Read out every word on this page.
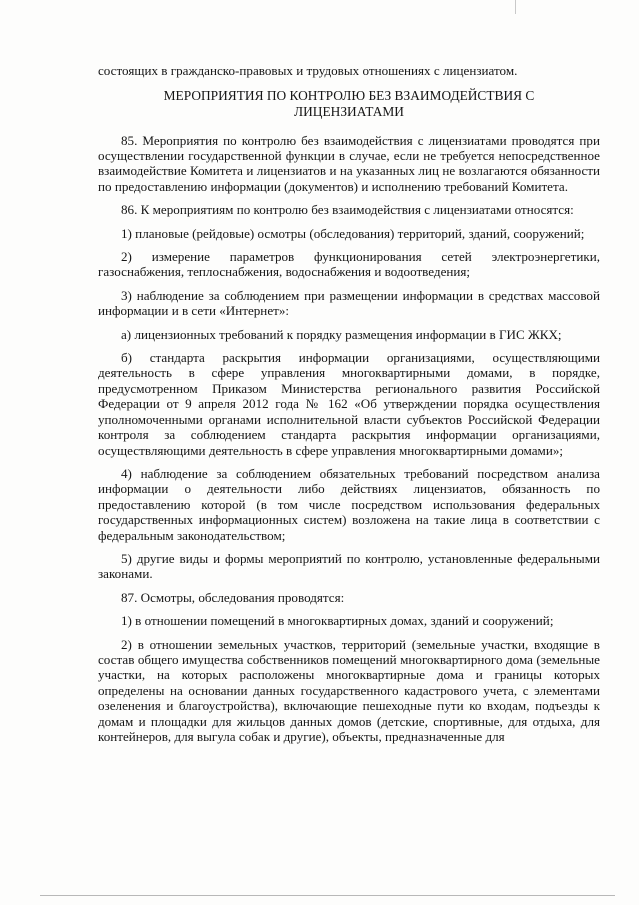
состоящих в гражданско-правовых и трудовых отношениях с лицензиатом.

МЕРОПРИЯТИЯ ПО КОНТРОЛЮ БЕЗ ВЗАИМОДЕЙСТВИЯ С ЛИЦЕНЗИАТАМИ

85. Мероприятия по контролю без взаимодействия с лицензиатами проводятся при осуществлении государственной функции в случае, если не требуется непосредственное взаимодействие Комитета и лицензиатов и на указанных лиц не возлагаются обязанности по предоставлению информации (документов) и исполнению требований Комитета.

86. К мероприятиям по контролю без взаимодействия с лицензиатами относятся:

1) плановые (рейдовые) осмотры (обследования) территорий, зданий, сооружений;

2) измерение параметров функционирования сетей электроэнергетики, газоснабжения, теплоснабжения, водоснабжения и водоотведения;

3) наблюдение за соблюдением при размещении информации в средствах массовой информации и в сети «Интернет»:

а) лицензионных требований к порядку размещения информации в ГИС ЖКХ;

б) стандарта раскрытия информации организациями, осуществляющими деятельность в сфере управления многоквартирными домами, в порядке, предусмотренном Приказом Министерства регионального развития Российской Федерации от 9 апреля 2012 года № 162 «Об утверждении порядка осуществления уполномоченными органами исполнительной власти субъектов Российской Федерации контроля за соблюдением стандарта раскрытия информации организациями, осуществляющими деятельность в сфере управления многоквартирными домами»;

4) наблюдение за соблюдением обязательных требований посредством анализа информации о деятельности либо действиях лицензиатов, обязанность по предоставлению которой (в том числе посредством использования федеральных государственных информационных систем) возложена на такие лица в соответствии с федеральным законодательством;

5) другие виды и формы мероприятий по контролю, установленные федеральными законами.

87. Осмотры, обследования проводятся:

1) в отношении помещений в многоквартирных домах, зданий и сооружений;

2) в отношении земельных участков, территорий (земельные участки, входящие в состав общего имущества собственников помещений многоквартирного дома (земельные участки, на которых расположены многоквартирные дома и границы которых определены на основании данных государственного кадастрового учета, с элементами озеленения и благоустройства), включающие пешеходные пути ко входам, подъезды к домам и площадки для жильцов данных домов (детские, спортивные, для отдыха, для контейнеров, для выгула собак и другие), объекты, предназначенные для
